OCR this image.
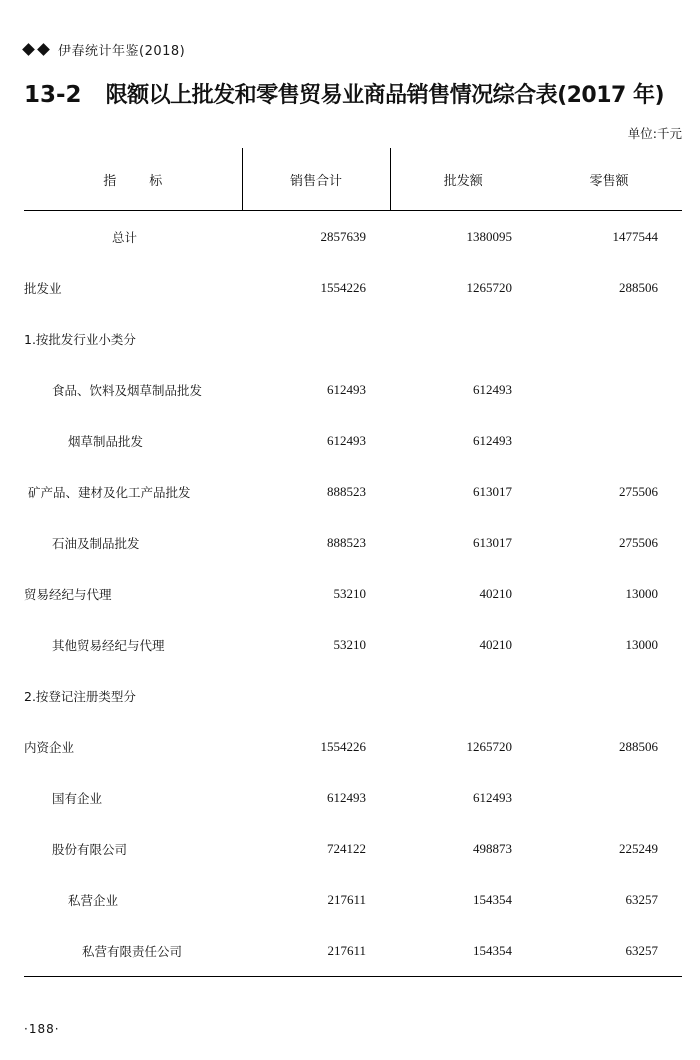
伊春统计年鉴(2018)
13-2 限额以上批发和零售贸易业商品销售情况综合表(2017 年)
单位:千元
指　标	销售合计	批发额	零售额
总计	2857639	1380095	1477544
批发业	1554226	1265720	288506
1.按批发行业小类分			
食品、饮料及烟草制品批发	612493	612493	
烟草制品批发	612493	612493	
矿产品、建材及化工产品批发	888523	613017	275506
石油及制品批发	888523	613017	275506
贸易经纪与代理	53210	40210	13000
其他贸易经纪与代理	53210	40210	13000
2.按登记注册类型分			
内资企业	1554226	1265720	288506
国有企业	612493	612493	
股份有限公司	724122	498873	225249
私营企业	217611	154354	63257
私营有限责任公司	217611	154354	63257

·188·
